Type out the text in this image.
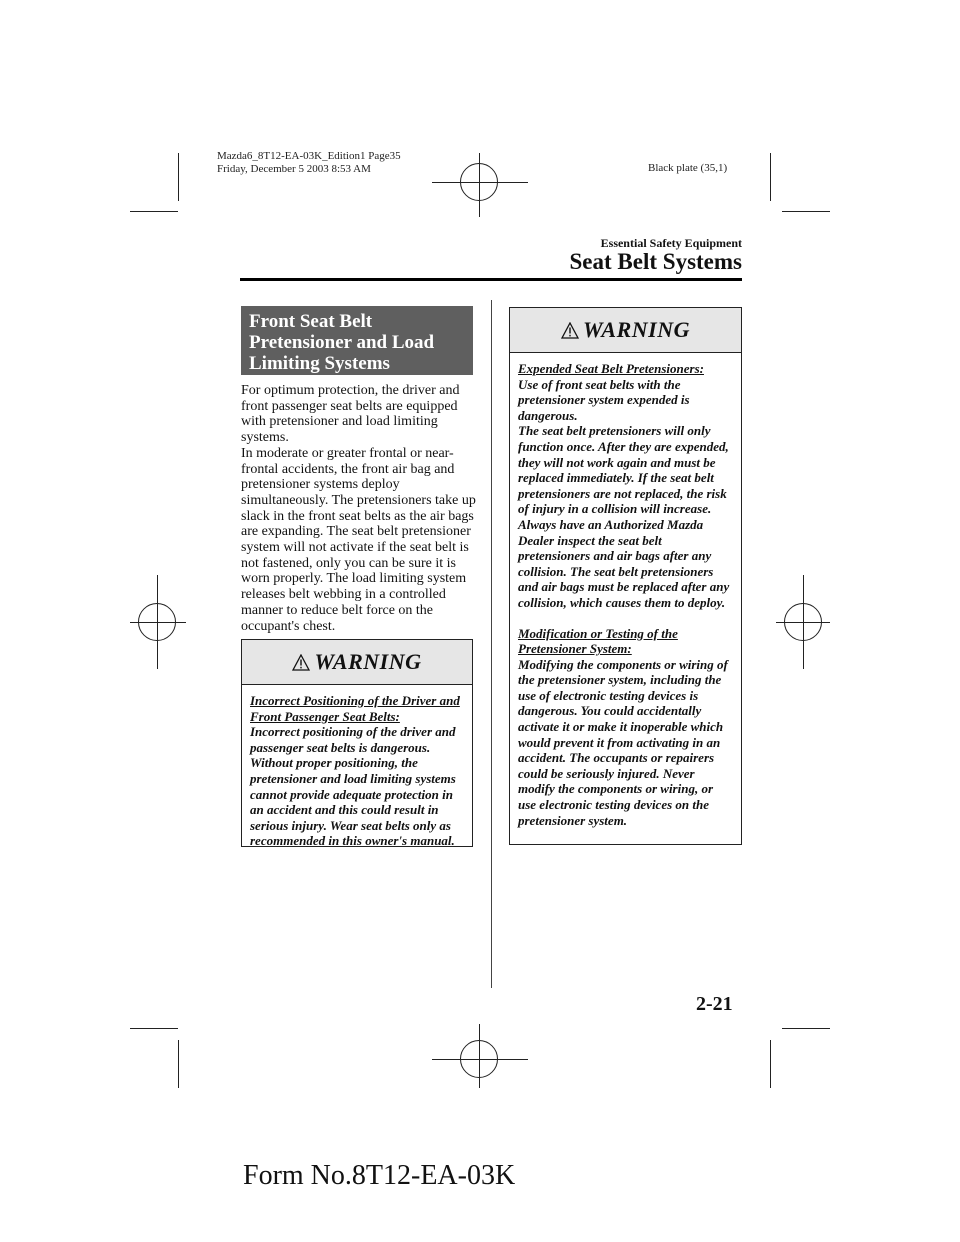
Mazda6_8T12-EA-03K_Edition1 Page35
Friday, December 5 2003 8:53 AM	Black plate (35,1)
Essential Safety Equipment
Seat Belt Systems
Front Seat Belt Pretensioner and Load Limiting Systems
For optimum protection, the driver and front passenger seat belts are equipped with pretensioner and load limiting systems.
In moderate or greater frontal or near-frontal accidents, the front air bag and pretensioner systems deploy simultaneously. The pretensioners take up slack in the front seat belts as the air bags are expanding. The seat belt pretensioner system will not activate if the seat belt is not fastened, only you can be sure it is worn properly. The load limiting system releases belt webbing in a controlled manner to reduce belt force on the occupant's chest.
WARNING

Incorrect Positioning of the Driver and Front Passenger Seat Belts:

Incorrect positioning of the driver and passenger seat belts is dangerous. Without proper positioning, the pretensioner and load limiting systems cannot provide adequate protection in an accident and this could result in serious injury. Wear seat belts only as recommended in this owner's manual.

WARNING

Expended Seat Belt Pretensioners:

Use of front seat belts with the pretensioner system expended is dangerous.

The seat belt pretensioners will only function once. After they are expended, they will not work again and must be replaced immediately. If the seat belt pretensioners are not replaced, the risk of injury in a collision will increase.

Always have an Authorized Mazda Dealer inspect the seat belt pretensioners and air bags after any collision. The seat belt pretensioners and air bags must be replaced after any collision, which causes them to deploy.

Modification or Testing of the Pretensioner System:

Modifying the components or wiring of the pretensioner system, including the use of electronic testing devices is dangerous. You could accidentally activate it or make it inoperable which would prevent it from activating in an accident. The occupants or repairers could be seriously injured. Never modify the components or wiring, or use electronic testing devices on the pretensioner system.

2-21
Form No.8T12-EA-03K
